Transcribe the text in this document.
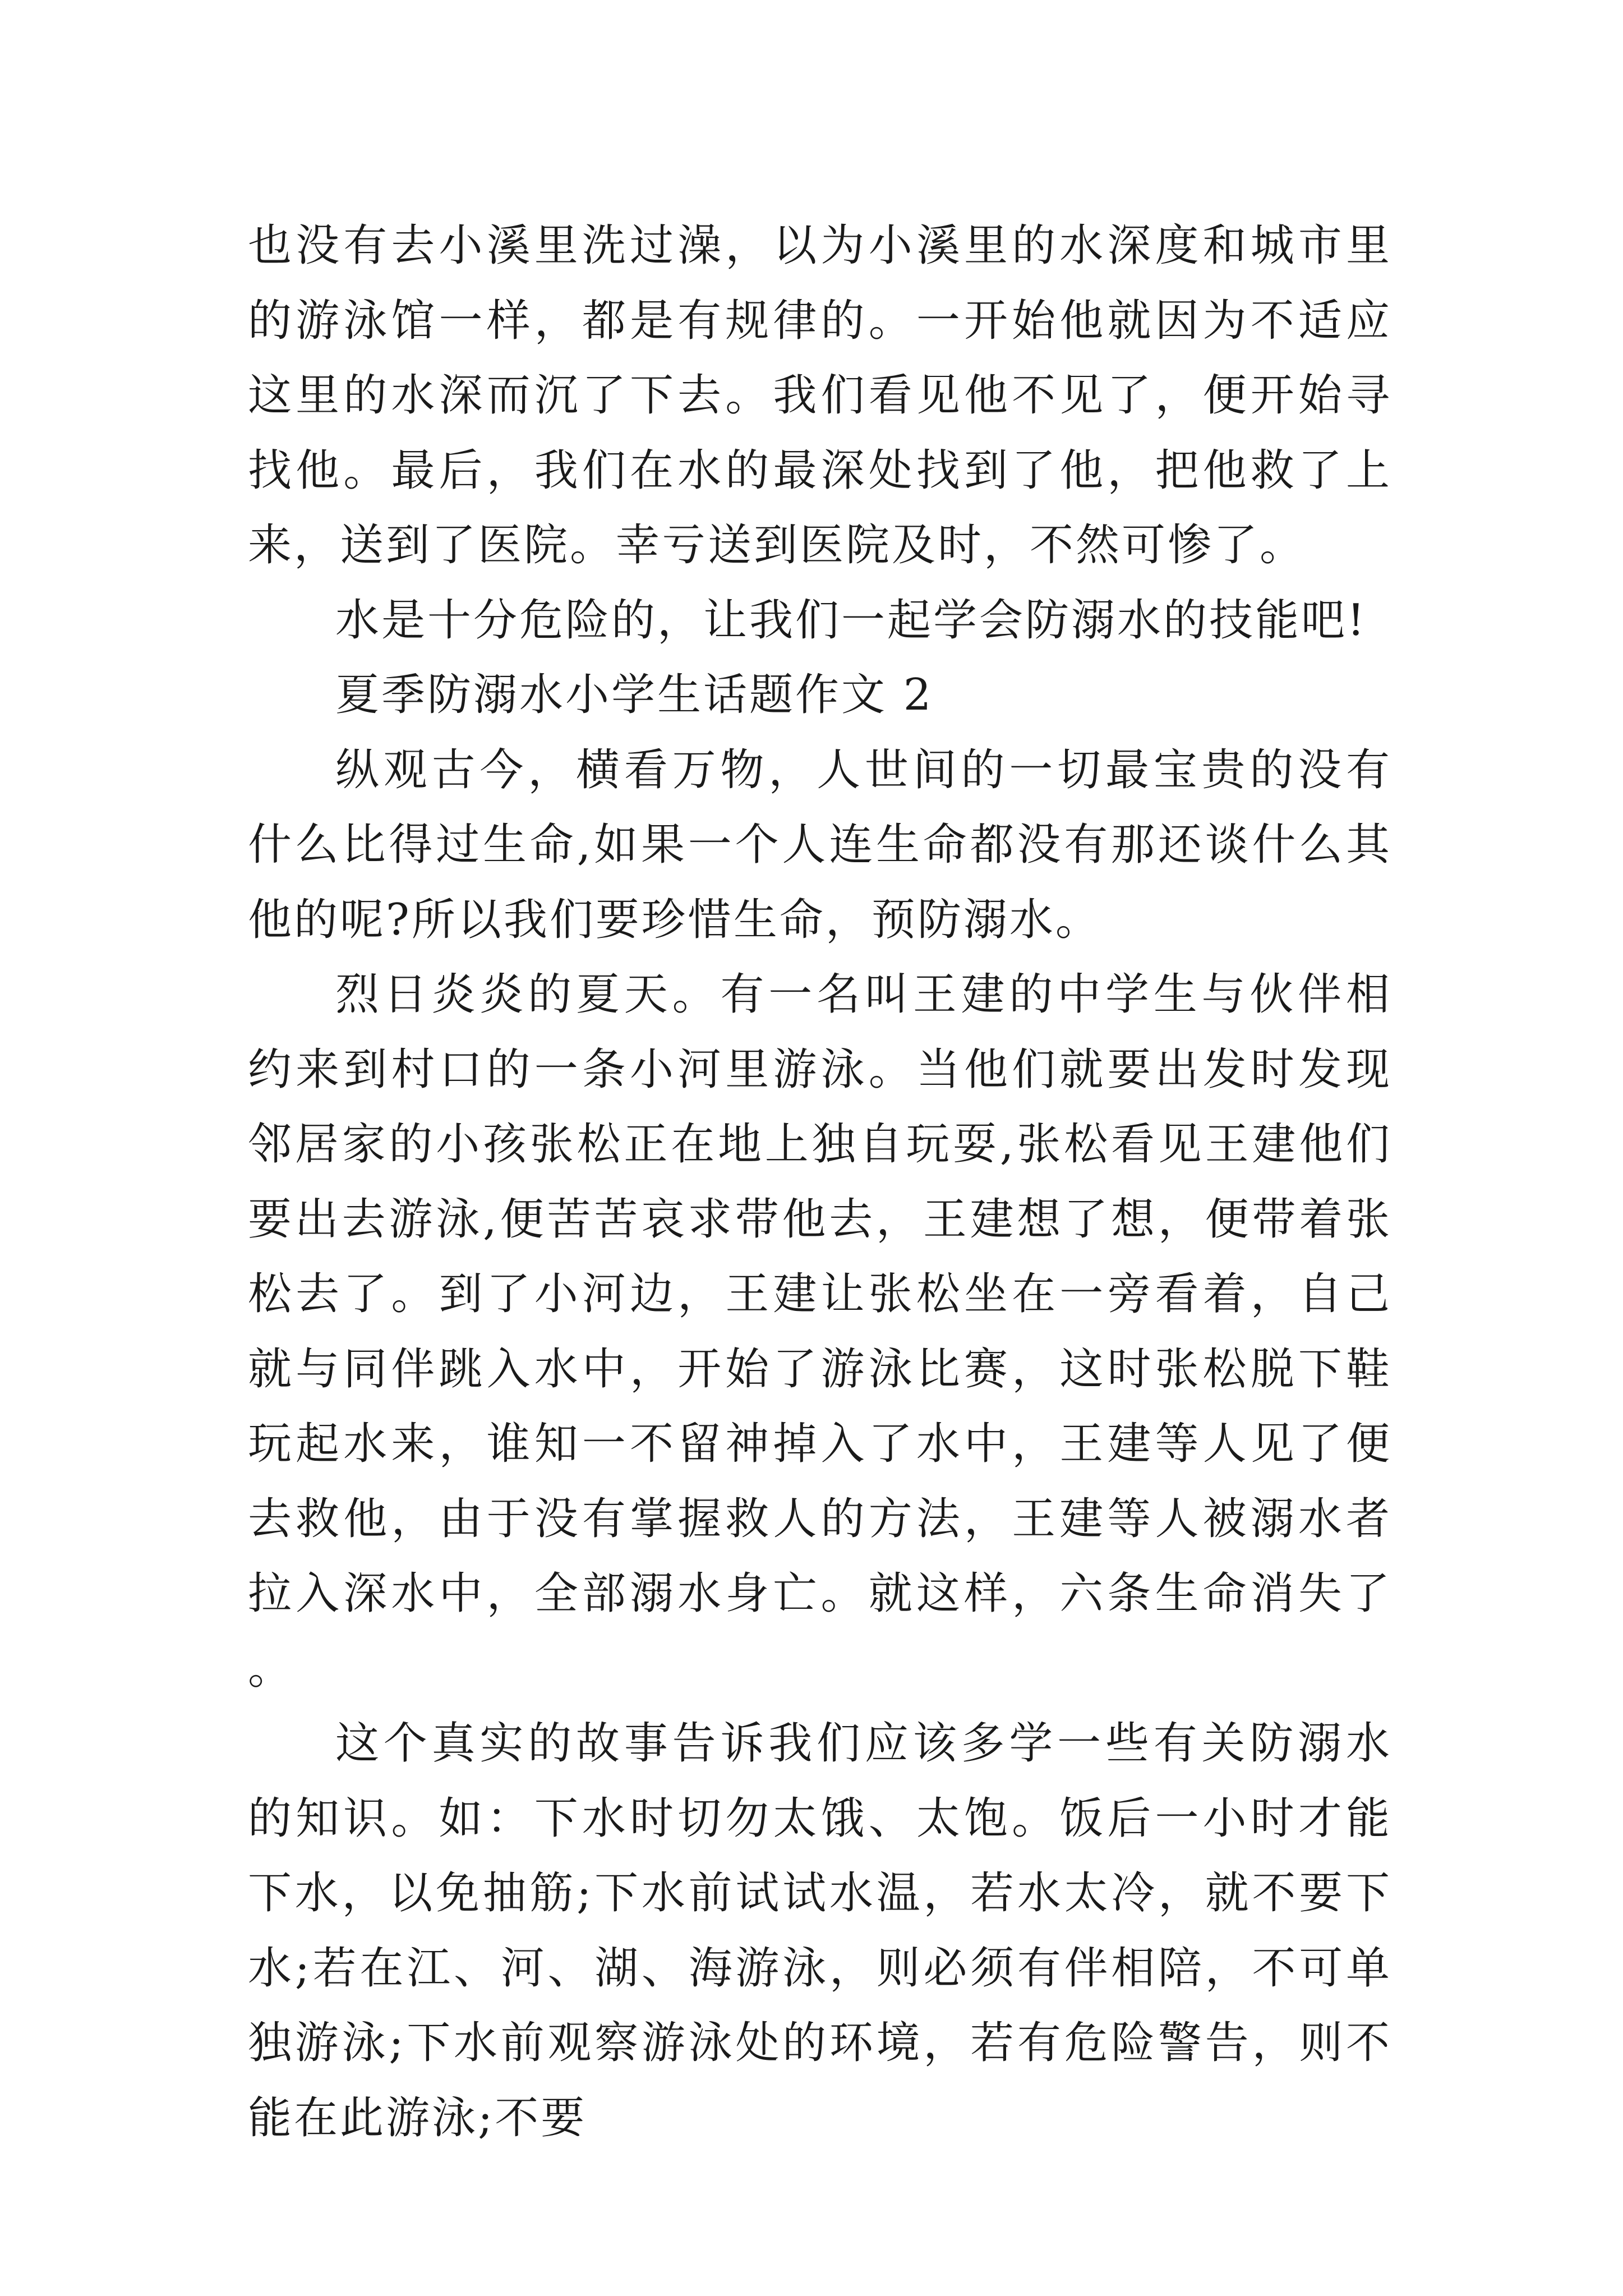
也没有去小溪里洗过澡，以为小溪里的水深度和城市里的游泳馆一样，都是有规律的。一开始他就因为不适应这里的水深而沉了下去。我们看见他不见了，便开始寻找他。最后，我们在水的最深处找到了他，把他救了上来，送到了医院。幸亏送到医院及时，不然可惨了。

水是十分危险的，让我们一起学会防溺水的技能吧!

夏季防溺水小学生话题作文 2

纵观古今，横看万物，人世间的一切最宝贵的没有什么比得过生命,如果一个人连生命都没有那还谈什么其他的呢?所以我们要珍惜生命，预防溺水。

烈日炎炎的夏天。有一名叫王建的中学生与伙伴相约来到村口的一条小河里游泳。当他们就要出发时发现邻居家的小孩张松正在地上独自玩耍,张松看见王建他们要出去游泳,便苦苦哀求带他去，王建想了想，便带着张松去了。到了小河边，王建让张松坐在一旁看着，自己就与同伴跳入水中，开始了游泳比赛，这时张松脱下鞋玩起水来，谁知一不留神掉入了水中，王建等人见了便去救他，由于没有掌握救人的方法，王建等人被溺水者拉入深水中，全部溺水身亡。就这样，六条生命消失了。

这个真实的故事告诉我们应该多学一些有关防溺水的知识。如：下水时切勿太饿、太饱。饭后一小时才能下水，以免抽筋;下水前试试水温，若水太冷，就不要下水;若在江、河、湖、海游泳，则必须有伴相陪，不可单独游泳;下水前观察游泳处的环境，若有危险警告，则不能在此游泳;不要
